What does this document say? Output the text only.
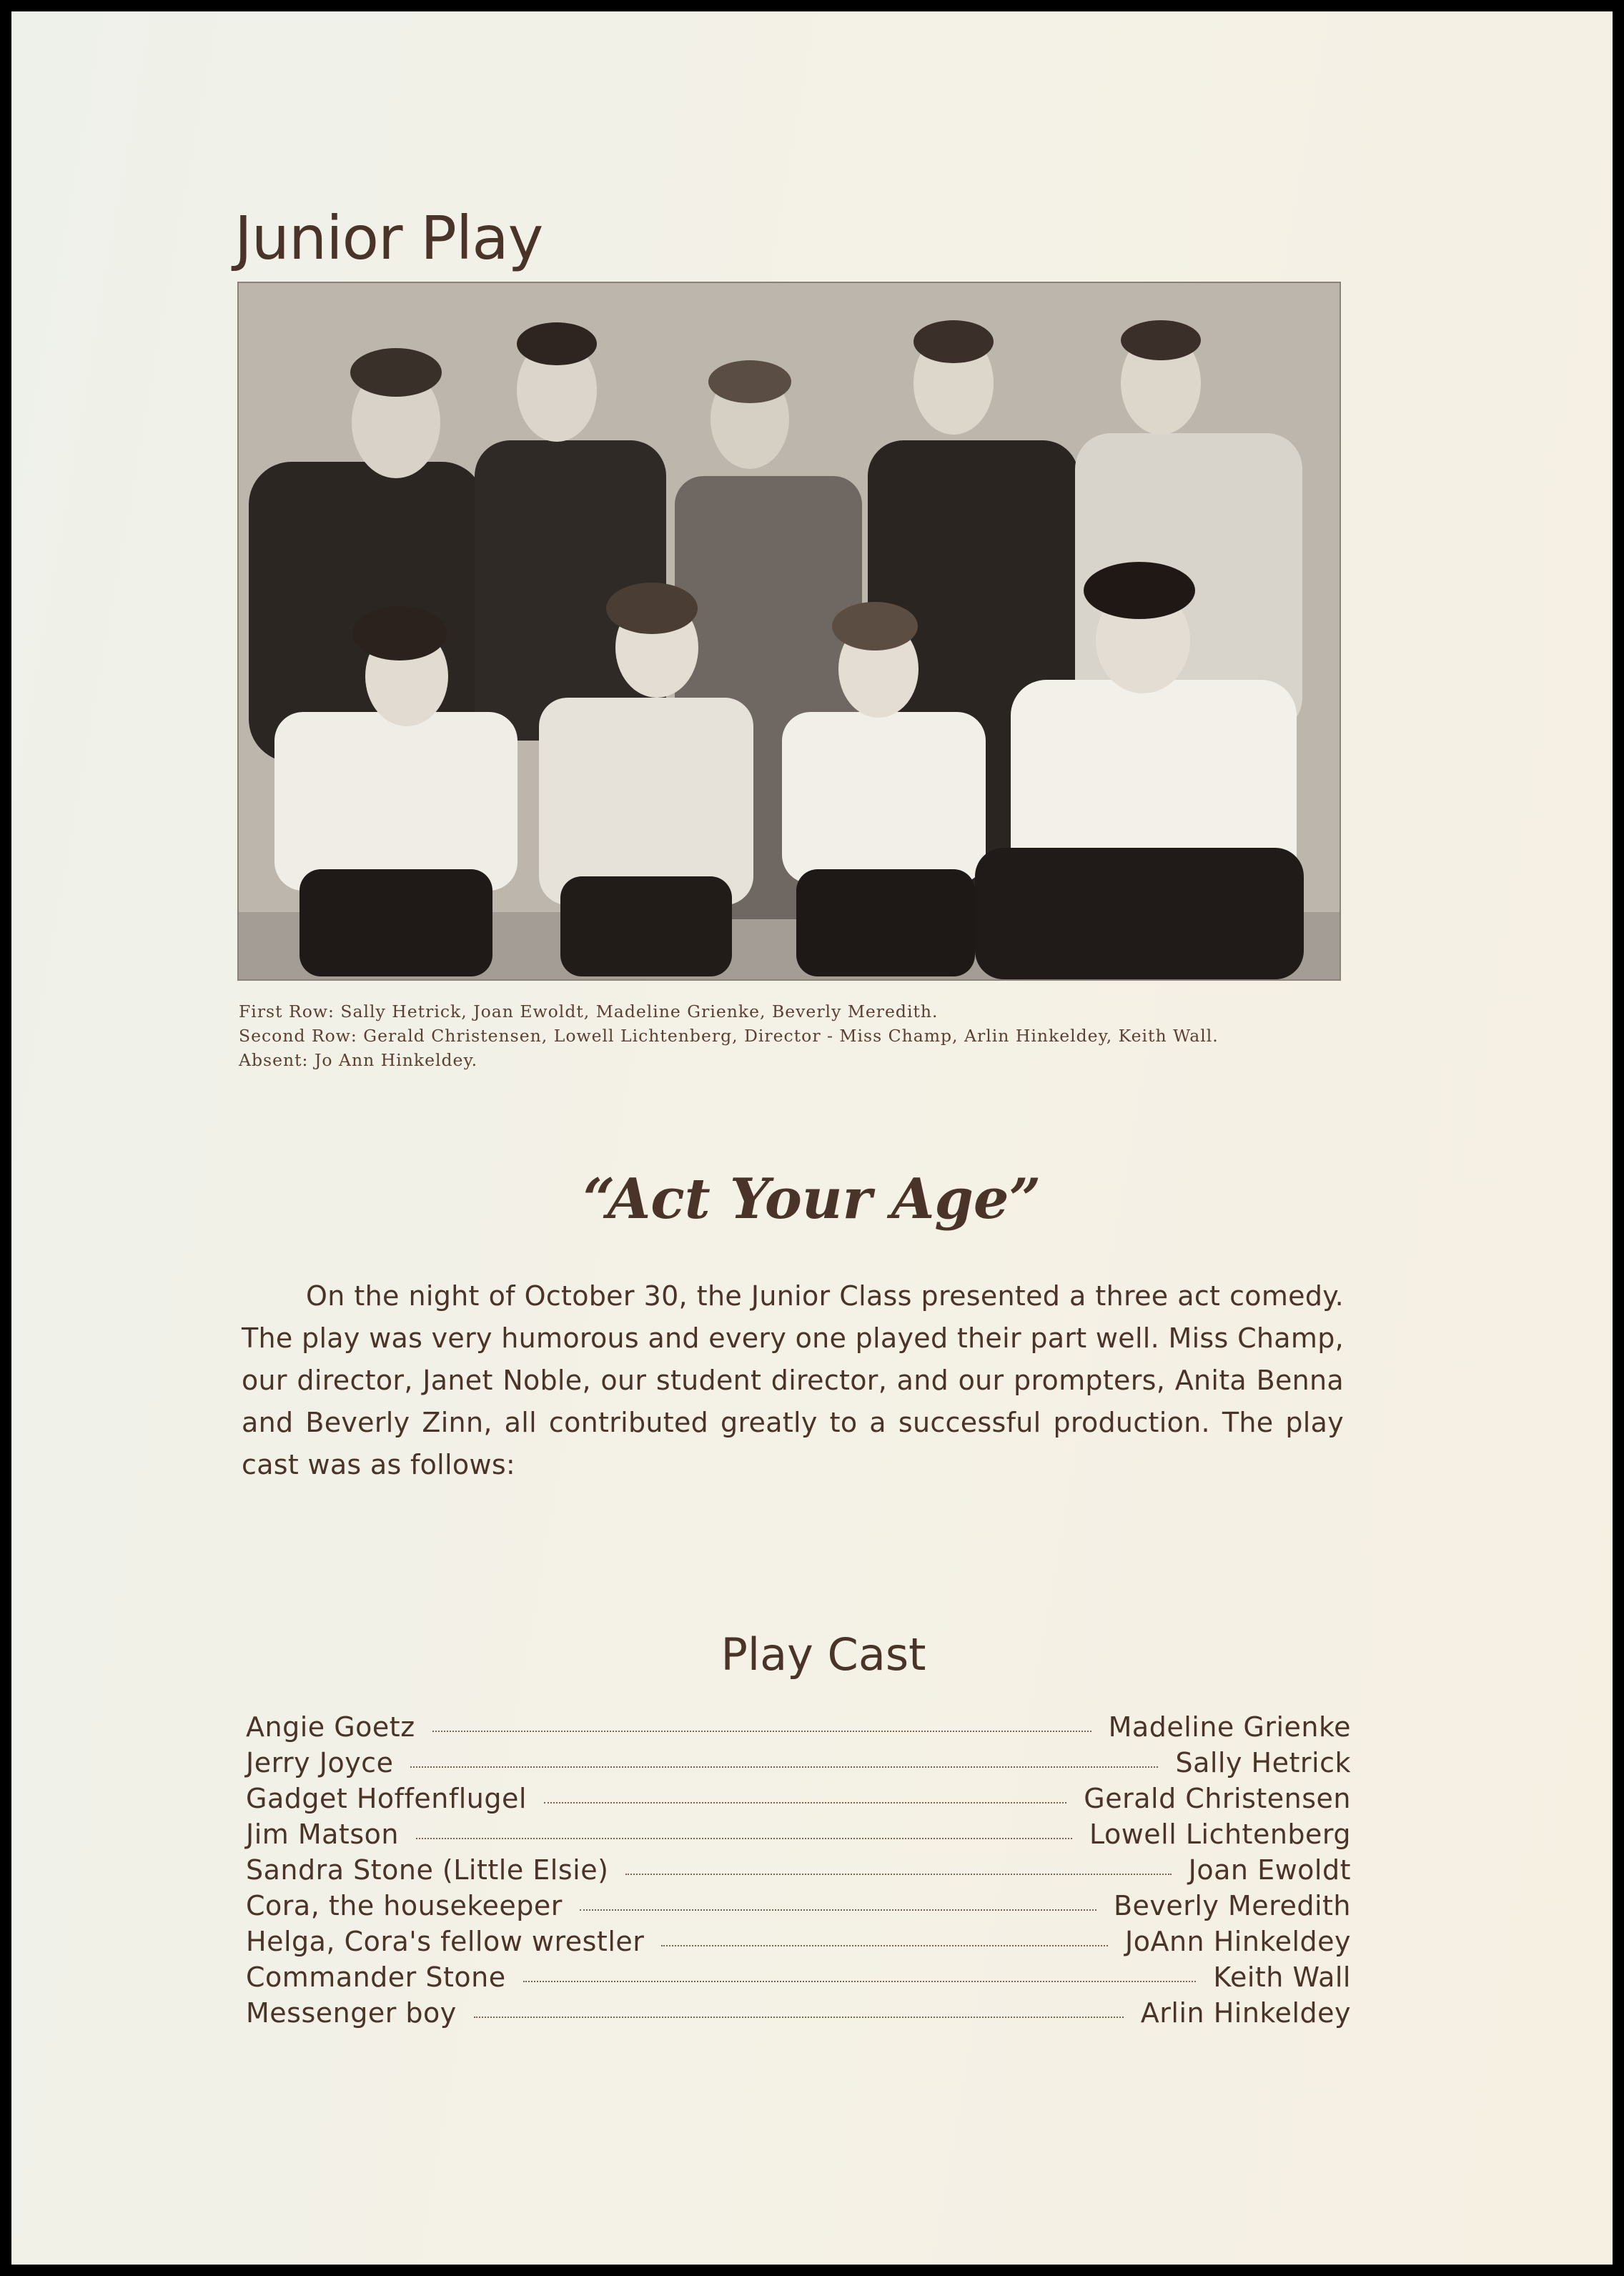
Junior Play
First Row: Sally Hetrick, Joan Ewoldt, Madeline Grienke, Beverly Meredith.
Second Row: Gerald Christensen, Lowell Lichtenberg, Director - Miss Champ, Arlin Hinkeldey, Keith Wall.
Absent: Jo Ann Hinkeldey.
“Act Your Age”

On the night of October 30, the Junior Class presented a three act comedy. The play was very humorous and every one played their part well. Miss Champ, our director, Janet Noble, our student director, and our prompters, Anita Benna and Beverly Zinn, all contributed greatly to a successful production. The play cast was as follows:

Play Cast
Angie Goetz	Madeline Grienke
Jerry Joyce	Sally Hetrick
Gadget Hoffenflugel	Gerald Christensen
Jim Matson	Lowell Lichtenberg
Sandra Stone (Little Elsie)	Joan Ewoldt
Cora, the housekeeper	Beverly Meredith
Helga, Cora's fellow wrestler	JoAnn Hinkeldey
Commander Stone	Keith Wall
Messenger boy	Arlin Hinkeldey
